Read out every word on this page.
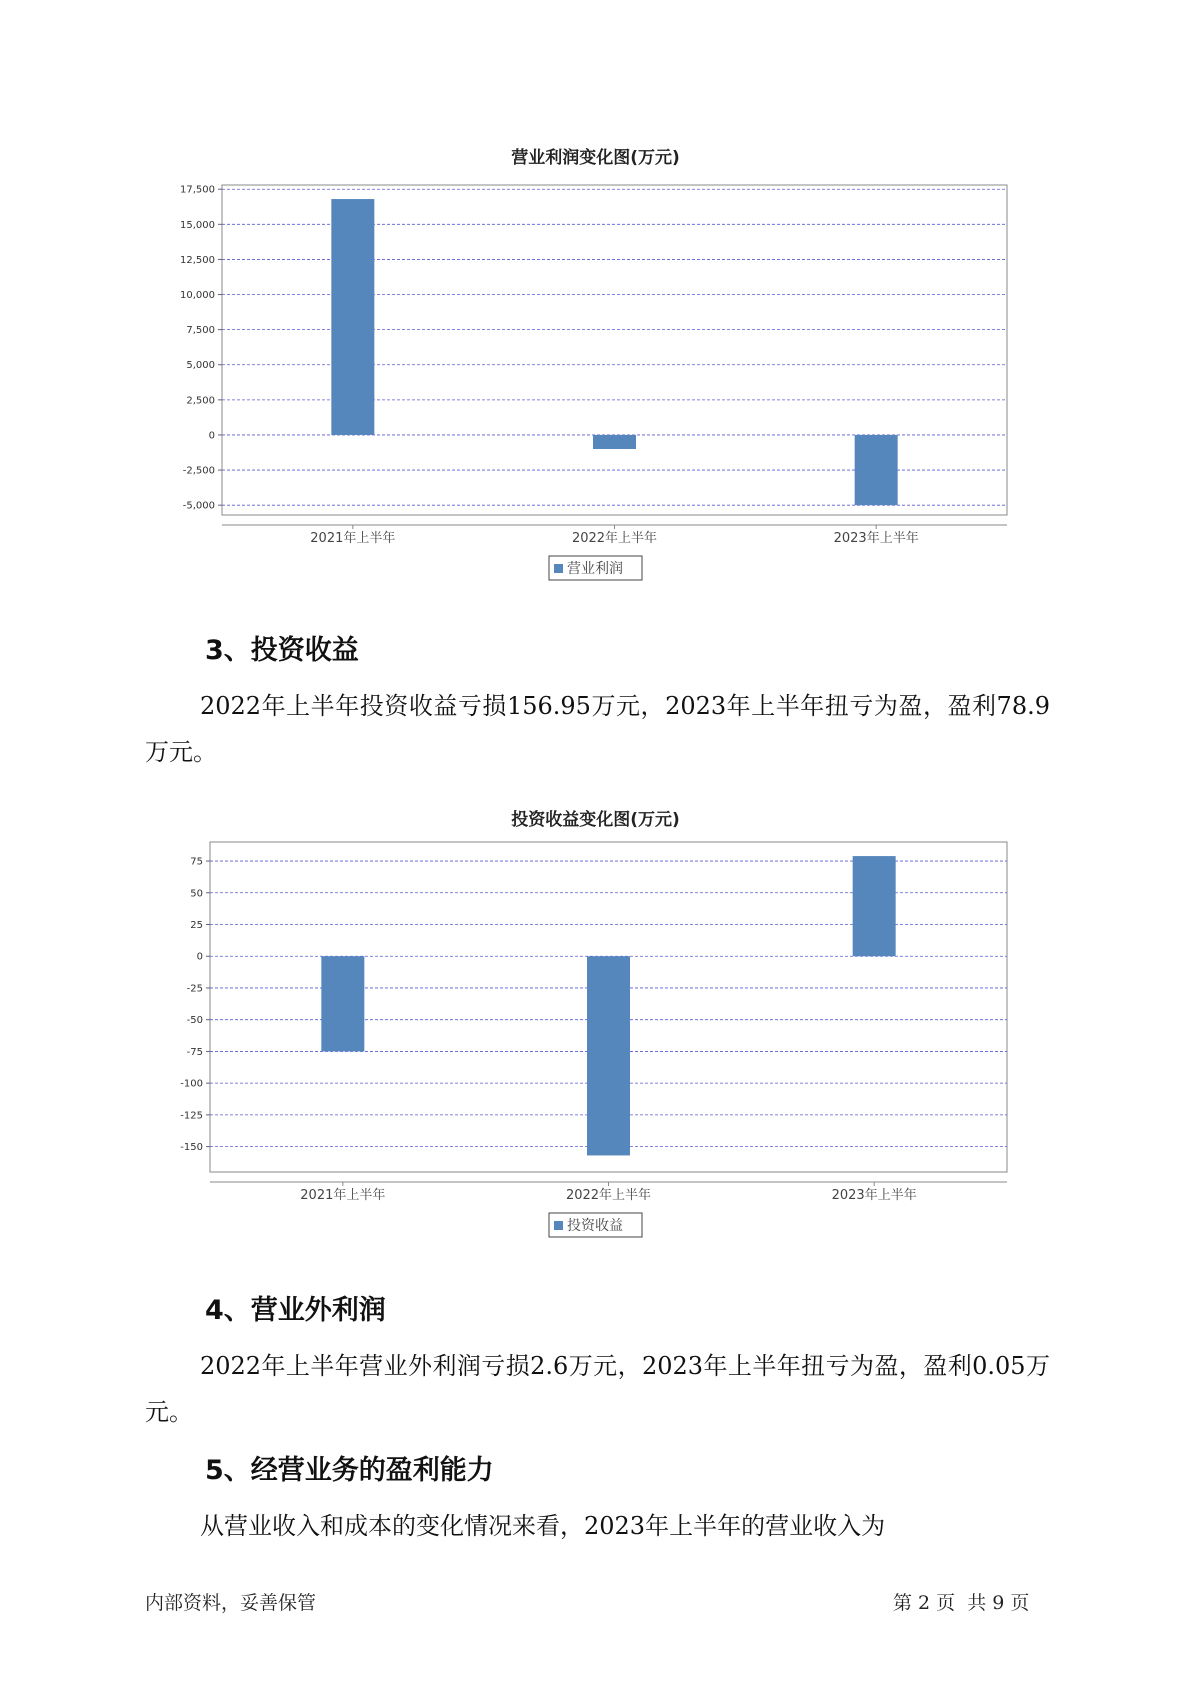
营业利润变化图(万元)
17,500
15,000
12,500
10,000
7,500
5,000
2,500
0
-2,500
-5,000
2021年上半年	2022年上半年	2023年上半年
营业利润
3、投资收益
2022年上半年投资收益亏损156.95万元，2023年上半年扭亏为盈，盈利78.9万元。
投资收益变化图(万元)
75
50
25
0
-25
-50
-75
-100
-125
-150
2021年上半年	2022年上半年	2023年上半年
投资收益
4、营业外利润
2022年上半年营业外利润亏损2.6万元，2023年上半年扭亏为盈，盈利0.05万元。
5、经营业务的盈利能力
从营业收入和成本的变化情况来看，2023年上半年的营业收入为
内部资料，妥善保管	第 2 页  共 9 页
